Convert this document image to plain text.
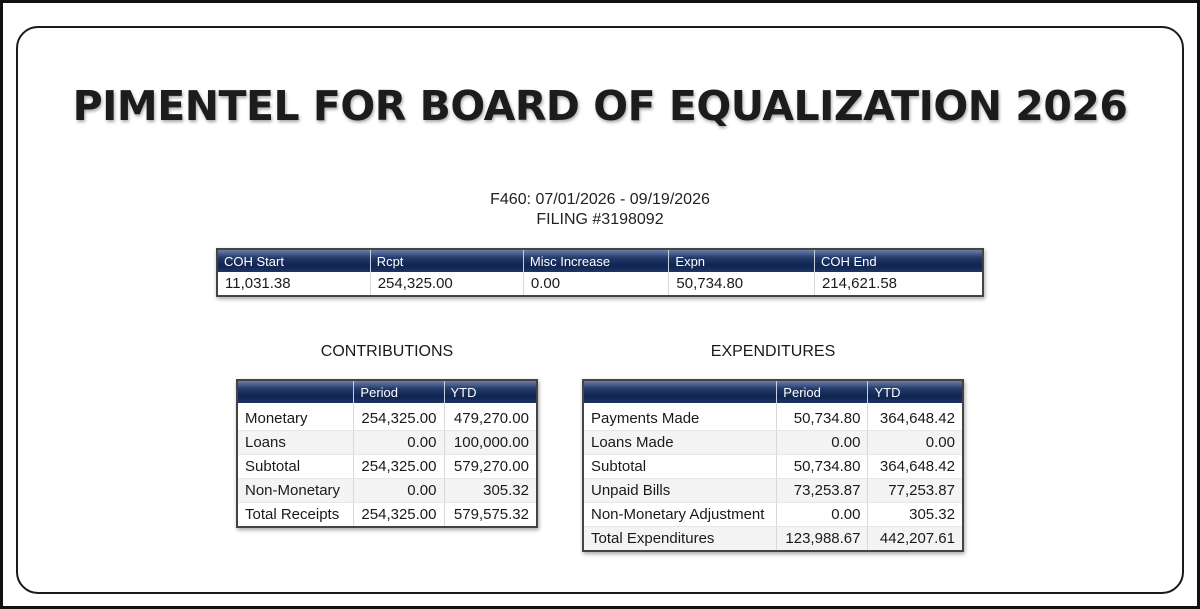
PIMENTEL FOR BOARD OF EQUALIZATION 2026
F460: 07/01/2026 - 09/19/2026
FILING #3198092
COH Start	Rcpt	Misc Increase	Expn	COH End
11,031.38	254,325.00	0.00	50,734.80	214,621.58
CONTRIBUTIONS	EXPENDITURES
	Period	YTD
Monetary	254,325.00	479,270.00
Loans	0.00	100,000.00
Subtotal	254,325.00	579,270.00
Non-Monetary	0.00	305.32
Total Receipts	254,325.00	579,575.32
	Period	YTD
Payments Made	50,734.80	364,648.42
Loans Made	0.00	0.00
Subtotal	50,734.80	364,648.42
Unpaid Bills	73,253.87	77,253.87
Non-Monetary Adjustment	0.00	305.32
Total Expenditures	123,988.67	442,207.61
